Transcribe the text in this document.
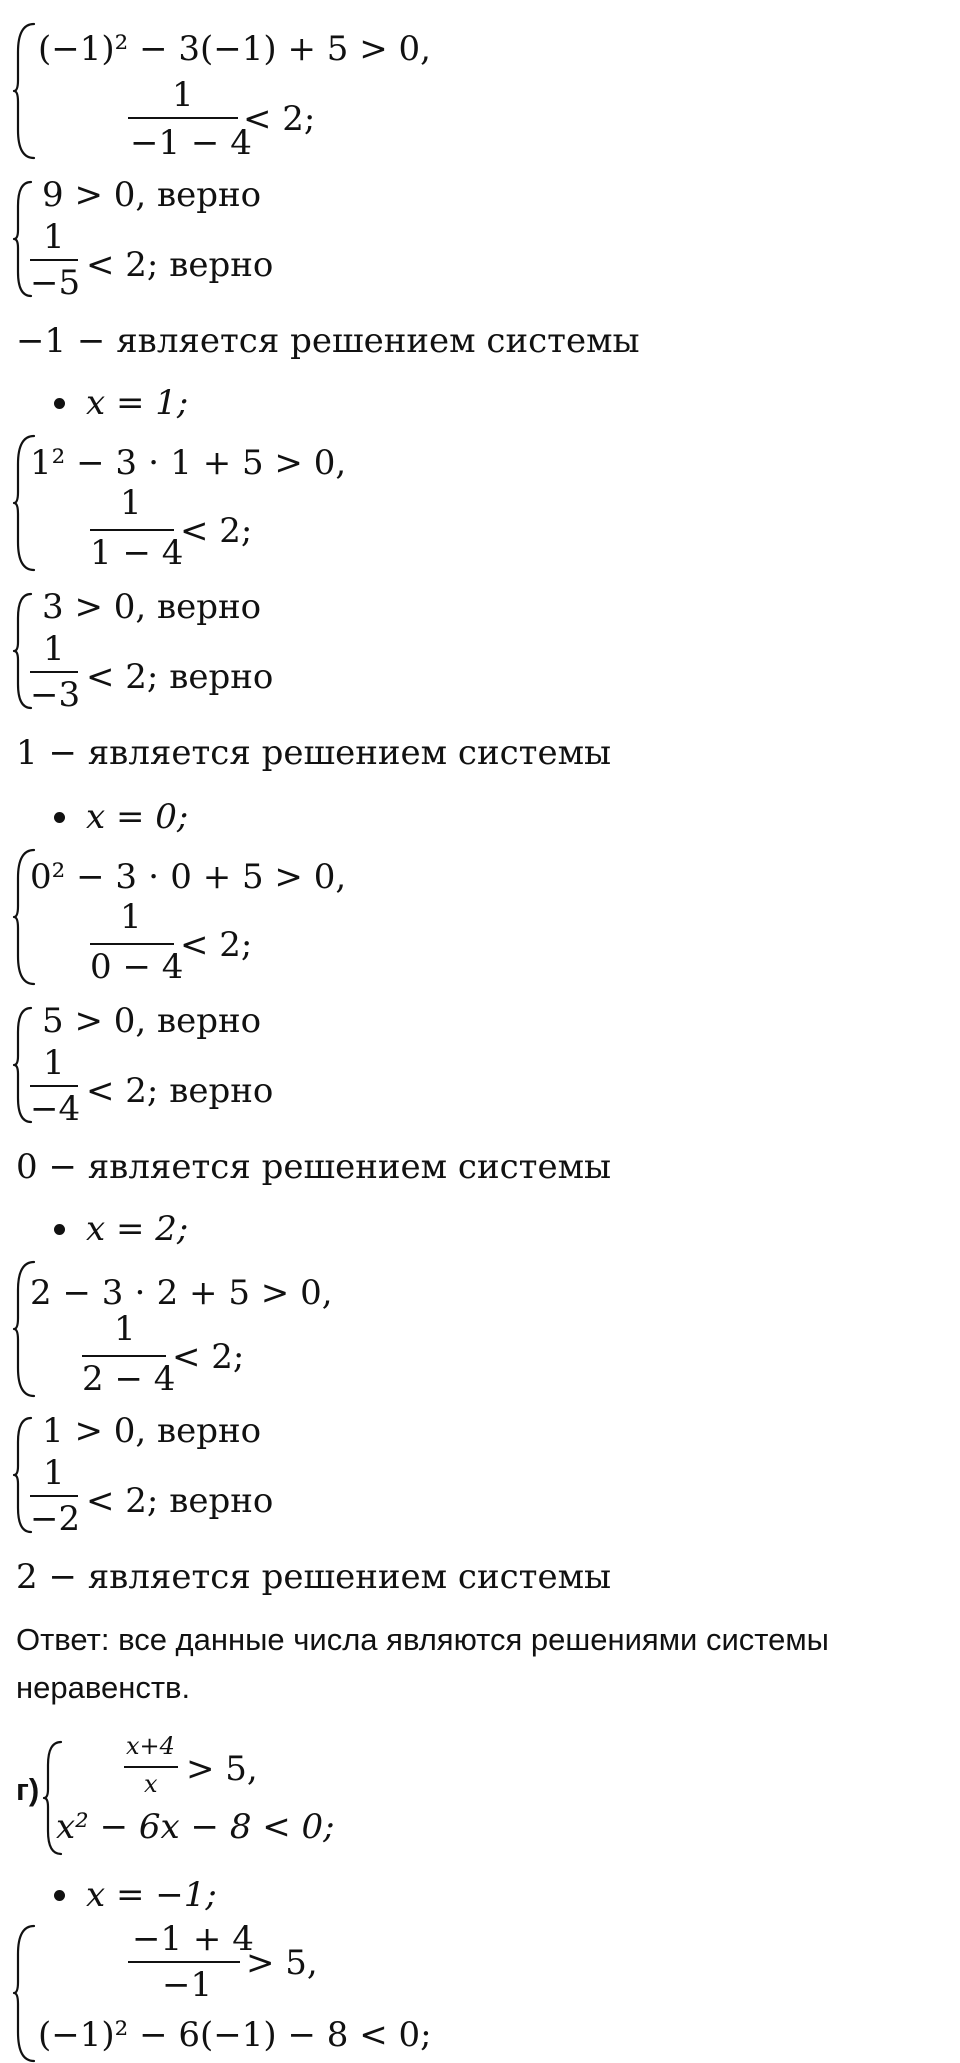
(−1)² − 3(−1) + 5 > 0,
1
−1 − 4
< 2;
9 > 0, верно
1
−5 < 2; верно
−1 − является решением системы
x = 1;
1² − 3 ⋅ 1 + 5 > 0,
1
1 − 4
< 2;
3 > 0, верно
1
−3 < 2; верно
1 − является решением системы
x = 0;
0² − 3 ⋅ 0 + 5 > 0,
1
0 − 4
< 2;
5 > 0, верно
1
−4 < 2; верно
0 − является решением системы
x = 2;
2 − 3 ⋅ 2 + 5 > 0,
1
2 − 4
< 2;
1 > 0, верно
1
−2 < 2; верно
2 − является решением системы
Ответ: все данные числа являются решениями системы
неравенств.
г)
x+4
x > 5,
x² − 6x − 8 < 0;
x = −1;
−1 + 4
−1
> 5,
(−1)² − 6(−1) − 8 < 0;
